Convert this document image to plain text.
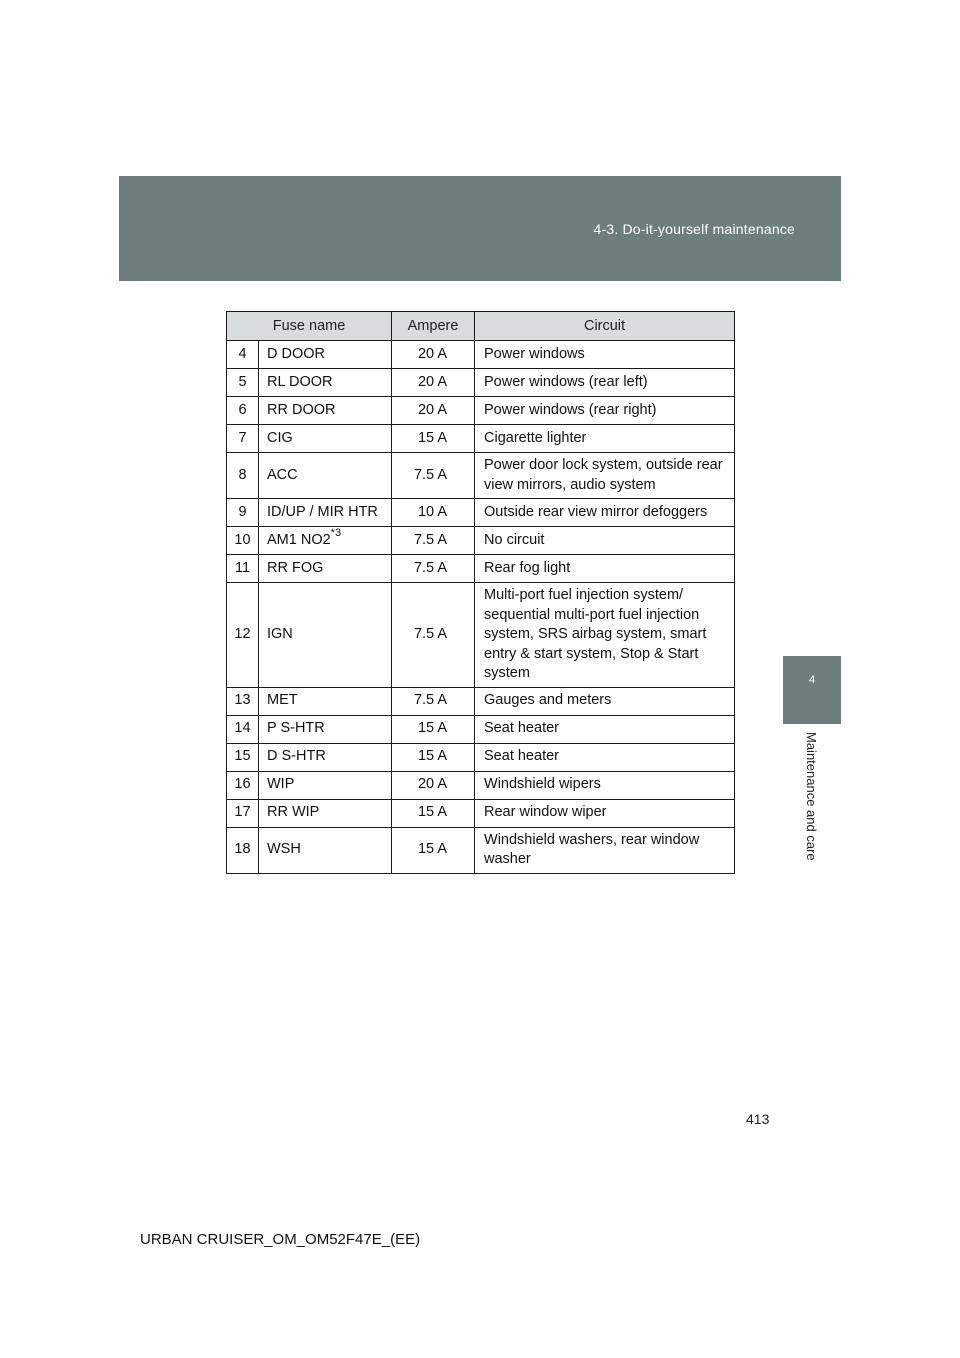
4-3. Do-it-yourself maintenance
4
Maintenance and care
Fuse name		Ampere	Circuit
4	D DOOR	20 A	Power windows
5	RL DOOR	20 A	Power windows (rear left)
6	RR DOOR	20 A	Power windows (rear right)
7	CIG	15 A	Cigarette lighter
8	ACC	7.5 A	Power door lock system, outside rear view mirrors, audio system
9	ID/UP / MIR HTR	10 A	Outside rear view mirror defoggers
10	AM1 NO2$^{*3}$	7.5 A	No circuit
11	RR FOG	7.5 A	Rear fog light
12	IGN	7.5 A	Multi-port fuel injection system/ sequential multi-port fuel injection system, SRS airbag system, smart entry & start system, Stop & Start system
13	MET	7.5 A	Gauges and meters
14	P S-HTR	15 A	Seat heater
15	D S-HTR	15 A	Seat heater
16	WIP	20 A	Windshield wipers
17	RR WIP	15 A	Rear window wiper
18	WSH	15 A	Windshield washers, rear window washer
413
URBAN CRUISER_OM_OM52F47E_(EE)
